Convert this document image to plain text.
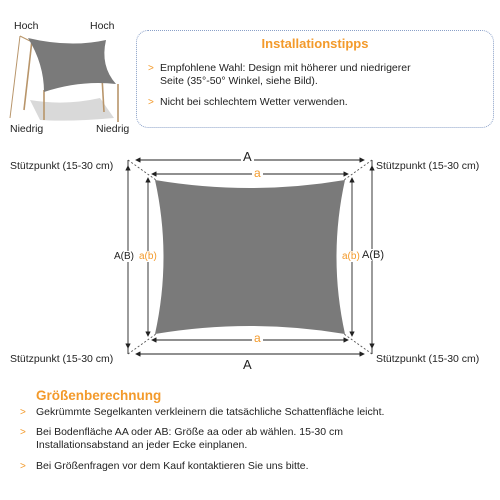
Hoch	Hoch
Niedrig	Niedrig
Installationstipps
> Empfohlene Wahl: Design mit höherer und niedrigerer
Seite (35°-50° Winkel, siehe Bild).
> Nicht bei schlechtem Wetter verwenden.
Stützpunkt (15-30 cm)	Stützpunkt (15-30 cm)
Stützpunkt (15-30 cm)	Stützpunkt (15-30 cm)
A
a
a
A
A(B) a(b)	a(b) A(B)
Größenberechnung
> Gekrümmte Segelkanten verkleinern die tatsächliche Schattenfläche leicht.
> Bei Bodenfläche AA oder AB: Größe aa oder ab wählen. 15-30 cm
Installationsabstand an jeder Ecke einplanen.
> Bei Größenfragen vor dem Kauf kontaktieren Sie uns bitte.
